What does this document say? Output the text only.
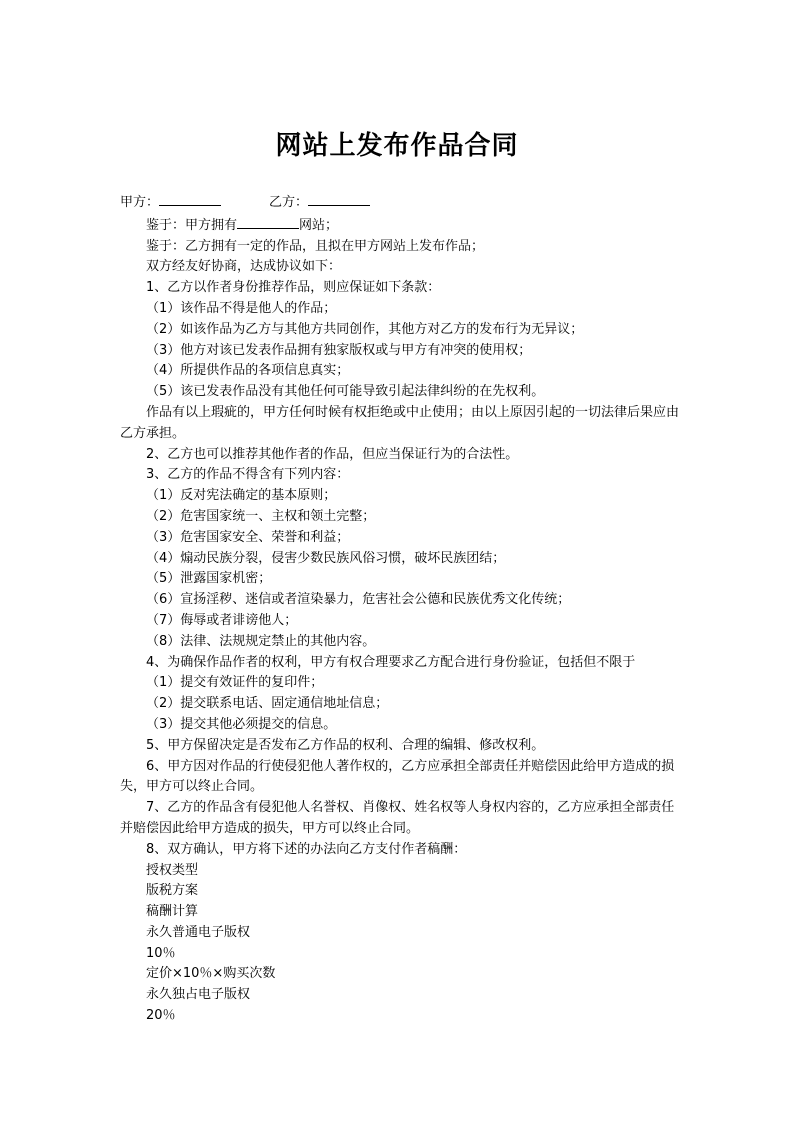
网站上发布作品合同
甲方：	乙方：
鉴于：甲方拥有	网站；
鉴于：乙方拥有一定的作品，且拟在甲方网站上发布作品；
双方经友好协商，达成协议如下：
1、乙方以作者身份推荐作品，则应保证如下条款：
（1）该作品不得是他人的作品；
（2）如该作品为乙方与其他方共同创作，其他方对乙方的发布行为无异议；
（3）他方对该已发表作品拥有独家版权或与甲方有冲突的使用权；
（4）所提供作品的各项信息真实；
（5）该已发表作品没有其他任何可能导致引起法律纠纷的在先权利。
作品有以上瑕疵的，甲方任何时候有权拒绝或中止使用；由以上原因引起的一切法律后果应由乙方承担。
2、乙方也可以推荐其他作者的作品，但应当保证行为的合法性。
3、乙方的作品不得含有下列内容：
（1）反对宪法确定的基本原则；
（2）危害国家统一、主权和领土完整；
（3）危害国家安全、荣誉和利益；
（4）煽动民族分裂，侵害少数民族风俗习惯，破坏民族团结；
（5）泄露国家机密；
（6）宣扬淫秽、迷信或者渲染暴力，危害社会公德和民族优秀文化传统；
（7）侮辱或者诽谤他人；
（8）法律、法规规定禁止的其他内容。
4、为确保作品作者的权利，甲方有权合理要求乙方配合进行身份验证，包括但不限于
（1）提交有效证件的复印件；
（2）提交联系电话、固定通信地址信息；
（3）提交其他必须提交的信息。
5、甲方保留决定是否发布乙方作品的权利、合理的编辑、修改权利。
6、甲方因对作品的行使侵犯他人著作权的，乙方应承担全部责任并赔偿因此给甲方造成的损失，甲方可以终止合同。
7、乙方的作品含有侵犯他人名誉权、肖像权、姓名权等人身权内容的，乙方应承担全部责任并赔偿因此给甲方造成的损失，甲方可以终止合同。
8、双方确认，甲方将下述的办法向乙方支付作者稿酬：
授权类型
版税方案
稿酬计算
永久普通电子版权
10％
定价×10％×购买次数
永久独占电子版权
20％
